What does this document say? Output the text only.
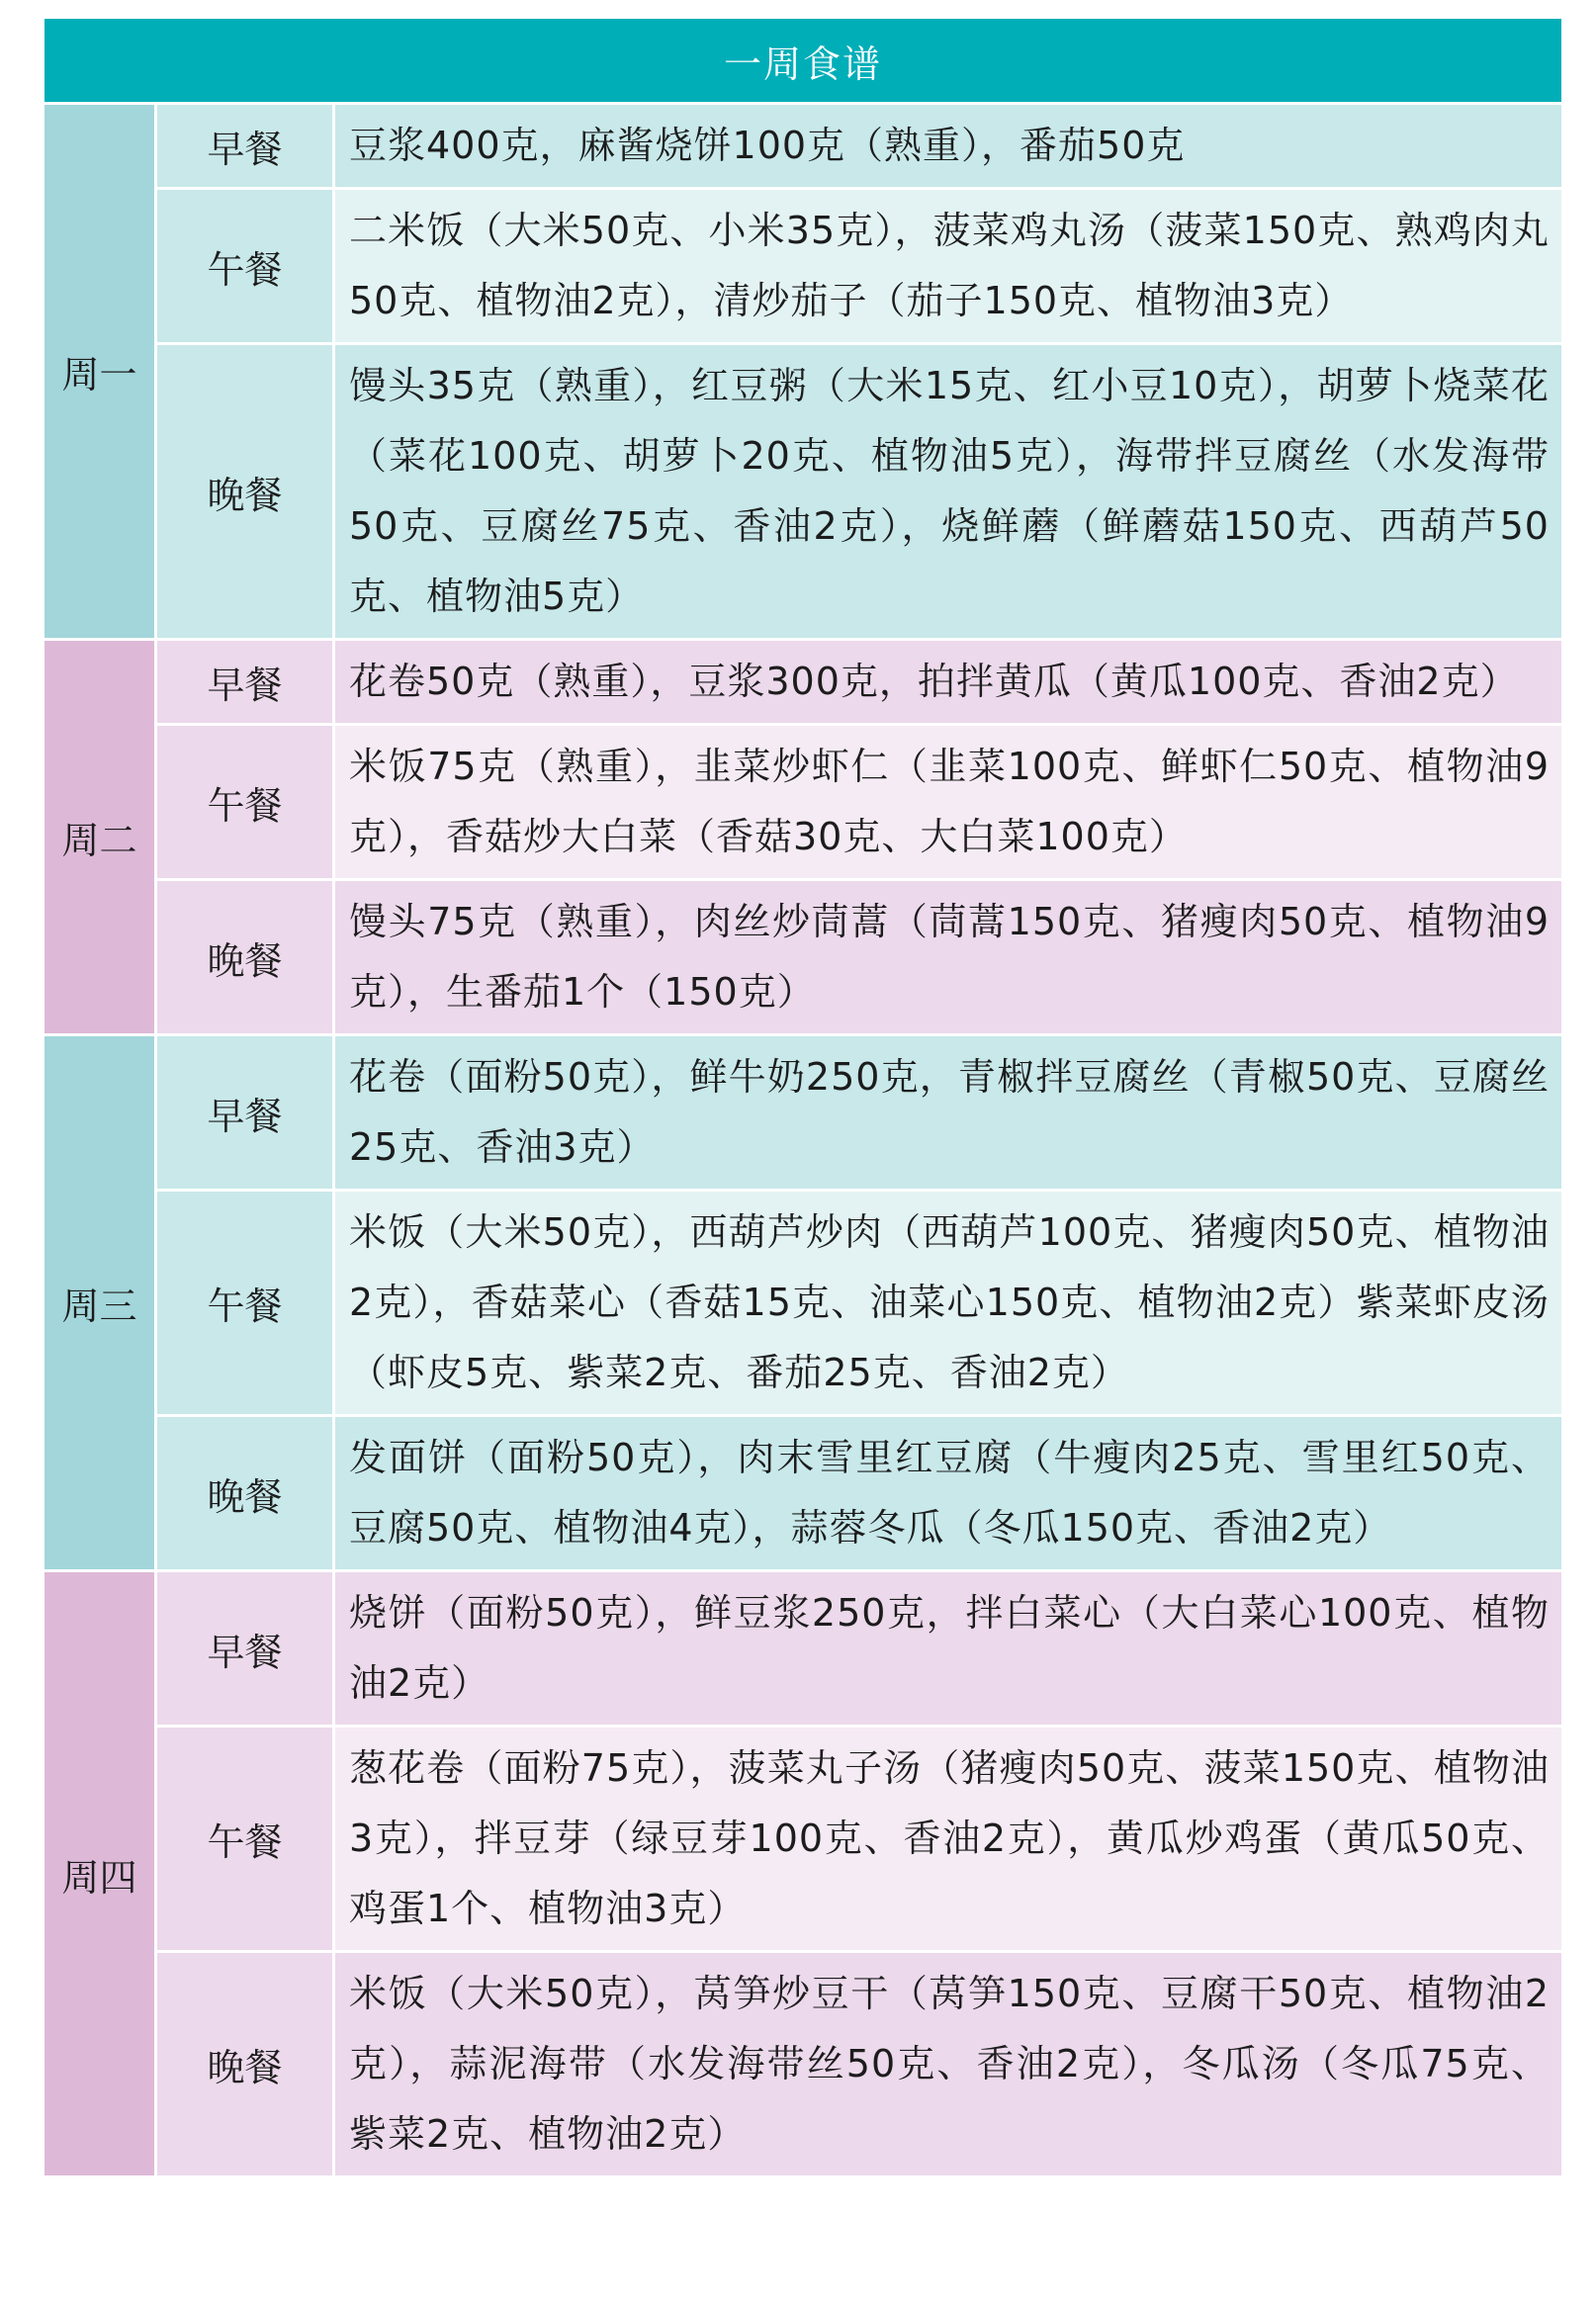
一周食谱		
周一	早餐	豆浆400克，麻酱烧饼100克（熟重），番茄50克
	午餐	二米饭（大米50克、小米35克），菠菜鸡丸汤（菠菜150克、熟鸡肉丸50克、植物油2克），清炒茄子（茄子150克、植物油3克）
	晚餐	馒头35克（熟重），红豆粥（大米15克、红小豆10克），胡萝卜烧菜花（菜花100克、胡萝卜20克、植物油5克），海带拌豆腐丝（水发海带50克、豆腐丝75克、香油2克），烧鲜蘑（鲜蘑菇150克、西葫芦50克、植物油5克）
周二	早餐	花卷50克（熟重），豆浆300克，拍拌黄瓜（黄瓜100克、香油2克）
	午餐	米饭75克（熟重），韭菜炒虾仁（韭菜100克、鲜虾仁50克、植物油9克），香菇炒大白菜（香菇30克、大白菜100克）
	晚餐	馒头75克（熟重），肉丝炒茼蒿（茼蒿150克、猪瘦肉50克、植物油9克），生番茄1个（150克）
周三	早餐	花卷（面粉50克），鲜牛奶250克，青椒拌豆腐丝（青椒50克、豆腐丝25克、香油3克）
	午餐	米饭（大米50克），西葫芦炒肉（西葫芦100克、猪瘦肉50克、植物油2克），香菇菜心（香菇15克、油菜心150克、植物油2克）紫菜虾皮汤（虾皮5克、紫菜2克、番茄25克、香油2克）
	晚餐	发面饼（面粉50克），肉末雪里红豆腐（牛瘦肉25克、雪里红50克、豆腐50克、植物油4克），蒜蓉冬瓜（冬瓜150克、香油2克）
周四	早餐	烧饼（面粉50克），鲜豆浆250克，拌白菜心（大白菜心100克、植物油2克）
	午餐	葱花卷（面粉75克），菠菜丸子汤（猪瘦肉50克、菠菜150克、植物油3克），拌豆芽（绿豆芽100克、香油2克），黄瓜炒鸡蛋（黄瓜50克、鸡蛋1个、植物油3克）
	晚餐	米饭（大米50克），莴笋炒豆干（莴笋150克、豆腐干50克、植物油2克），蒜泥海带（水发海带丝50克、香油2克），冬瓜汤（冬瓜75克、紫菜2克、植物油2克）
